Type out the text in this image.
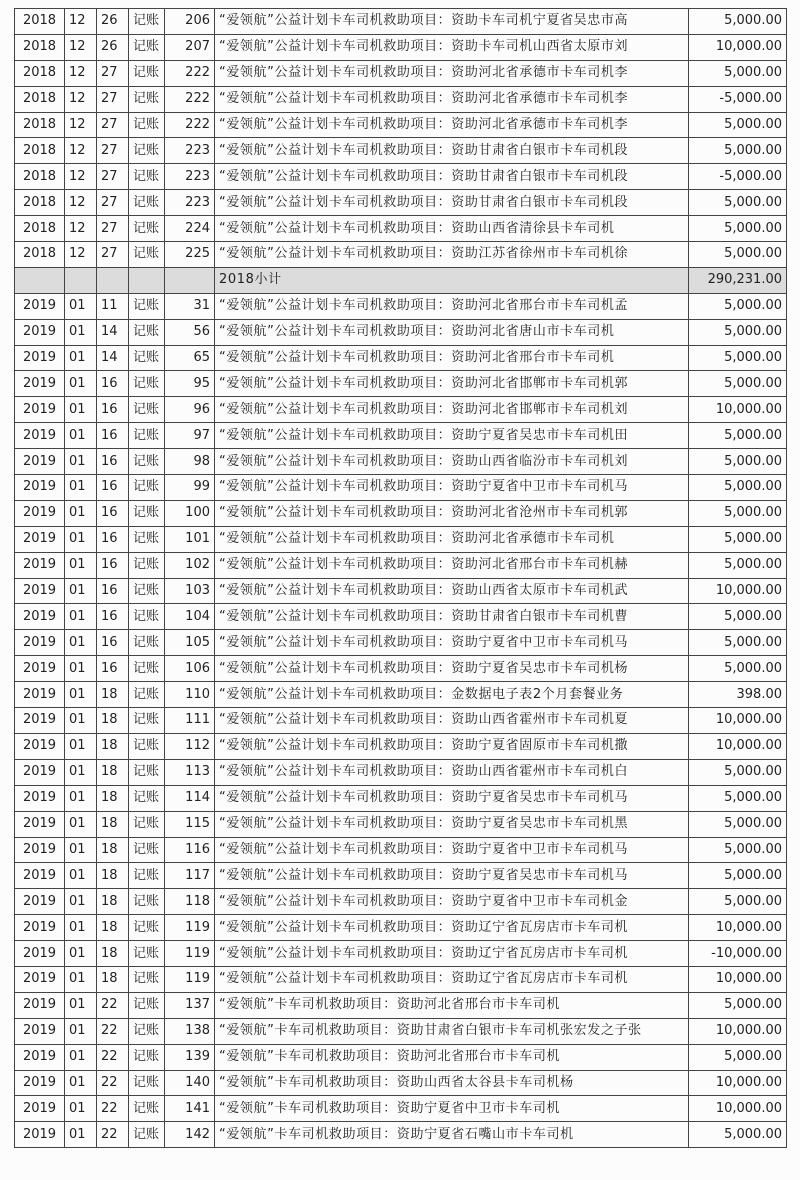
2018	12	26	记账	206	“爱领航”公益计划卡车司机救助项目：资助卡车司机宁夏省吴忠市高	5,000.00
2018	12	26	记账	207	“爱领航”公益计划卡车司机救助项目：资助卡车司机山西省太原市刘	10,000.00
2018	12	27	记账	222	“爱领航”公益计划卡车司机救助项目：资助河北省承德市卡车司机李	5,000.00
2018	12	27	记账	222	“爱领航”公益计划卡车司机救助项目：资助河北省承德市卡车司机李	-5,000.00
2018	12	27	记账	222	“爱领航”公益计划卡车司机救助项目：资助河北省承德市卡车司机李	5,000.00
2018	12	27	记账	223	“爱领航”公益计划卡车司机救助项目：资助甘肃省白银市卡车司机段	5,000.00
2018	12	27	记账	223	“爱领航”公益计划卡车司机救助项目：资助甘肃省白银市卡车司机段	-5,000.00
2018	12	27	记账	223	“爱领航”公益计划卡车司机救助项目：资助甘肃省白银市卡车司机段	5,000.00
2018	12	27	记账	224	“爱领航”公益计划卡车司机救助项目：资助山西省清徐县卡车司机	5,000.00
2018	12	27	记账	225	“爱领航”公益计划卡车司机救助项目：资助江苏省徐州市卡车司机徐	5,000.00
					2018小计	290,231.00
2019	01	11	记账	31	“爱领航”公益计划卡车司机救助项目：资助河北省邢台市卡车司机孟	5,000.00
2019	01	14	记账	56	“爱领航”公益计划卡车司机救助项目：资助河北省唐山市卡车司机	5,000.00
2019	01	14	记账	65	“爱领航”公益计划卡车司机救助项目：资助河北省邢台市卡车司机	5,000.00
2019	01	16	记账	95	“爱领航”公益计划卡车司机救助项目：资助河北省邯郸市卡车司机郭	5,000.00
2019	01	16	记账	96	“爱领航”公益计划卡车司机救助项目：资助河北省邯郸市卡车司机刘	10,000.00
2019	01	16	记账	97	“爱领航”公益计划卡车司机救助项目：资助宁夏省吴忠市卡车司机田	5,000.00
2019	01	16	记账	98	“爱领航”公益计划卡车司机救助项目：资助山西省临汾市卡车司机刘	5,000.00
2019	01	16	记账	99	“爱领航”公益计划卡车司机救助项目：资助宁夏省中卫市卡车司机马	5,000.00
2019	01	16	记账	100	“爱领航”公益计划卡车司机救助项目：资助河北省沧州市卡车司机郭	5,000.00
2019	01	16	记账	101	“爱领航”公益计划卡车司机救助项目：资助河北省承德市卡车司机	5,000.00
2019	01	16	记账	102	“爱领航”公益计划卡车司机救助项目：资助河北省邢台市卡车司机赫	5,000.00
2019	01	16	记账	103	“爱领航”公益计划卡车司机救助项目：资助山西省太原市卡车司机武	10,000.00
2019	01	16	记账	104	“爱领航”公益计划卡车司机救助项目：资助甘肃省白银市卡车司机曹	5,000.00
2019	01	16	记账	105	“爱领航”公益计划卡车司机救助项目：资助宁夏省中卫市卡车司机马	5,000.00
2019	01	16	记账	106	“爱领航”公益计划卡车司机救助项目：资助宁夏省吴忠市卡车司机杨	5,000.00
2019	01	18	记账	110	“爱领航”公益计划卡车司机救助项目：金数据电子表2个月套餐业务	398.00
2019	01	18	记账	111	“爱领航”公益计划卡车司机救助项目：资助山西省霍州市卡车司机夏	10,000.00
2019	01	18	记账	112	“爱领航”公益计划卡车司机救助项目：资助宁夏省固原市卡车司机撒	10,000.00
2019	01	18	记账	113	“爱领航”公益计划卡车司机救助项目：资助山西省霍州市卡车司机白	5,000.00
2019	01	18	记账	114	“爱领航”公益计划卡车司机救助项目：资助宁夏省吴忠市卡车司机马	5,000.00
2019	01	18	记账	115	“爱领航”公益计划卡车司机救助项目：资助宁夏省吴忠市卡车司机黑	5,000.00
2019	01	18	记账	116	“爱领航”公益计划卡车司机救助项目：资助宁夏省中卫市卡车司机马	5,000.00
2019	01	18	记账	117	“爱领航”公益计划卡车司机救助项目：资助宁夏省吴忠市卡车司机马	5,000.00
2019	01	18	记账	118	“爱领航”公益计划卡车司机救助项目：资助宁夏省中卫市卡车司机金	5,000.00
2019	01	18	记账	119	“爱领航”公益计划卡车司机救助项目：资助辽宁省瓦房店市卡车司机	10,000.00
2019	01	18	记账	119	“爱领航”公益计划卡车司机救助项目：资助辽宁省瓦房店市卡车司机	-10,000.00
2019	01	18	记账	119	“爱领航”公益计划卡车司机救助项目：资助辽宁省瓦房店市卡车司机	10,000.00
2019	01	22	记账	137	“爱领航”卡车司机救助项目：资助河北省邢台市卡车司机	5,000.00
2019	01	22	记账	138	“爱领航”卡车司机救助项目：资助甘肃省白银市卡车司机张宏发之子张	10,000.00
2019	01	22	记账	139	“爱领航”卡车司机救助项目：资助河北省邢台市卡车司机	5,000.00
2019	01	22	记账	140	“爱领航”卡车司机救助项目：资助山西省太谷县卡车司机杨	10,000.00
2019	01	22	记账	141	“爱领航”卡车司机救助项目：资助宁夏省中卫市卡车司机	10,000.00
2019	01	22	记账	142	“爱领航”卡车司机救助项目：资助宁夏省石嘴山市卡车司机	5,000.00
